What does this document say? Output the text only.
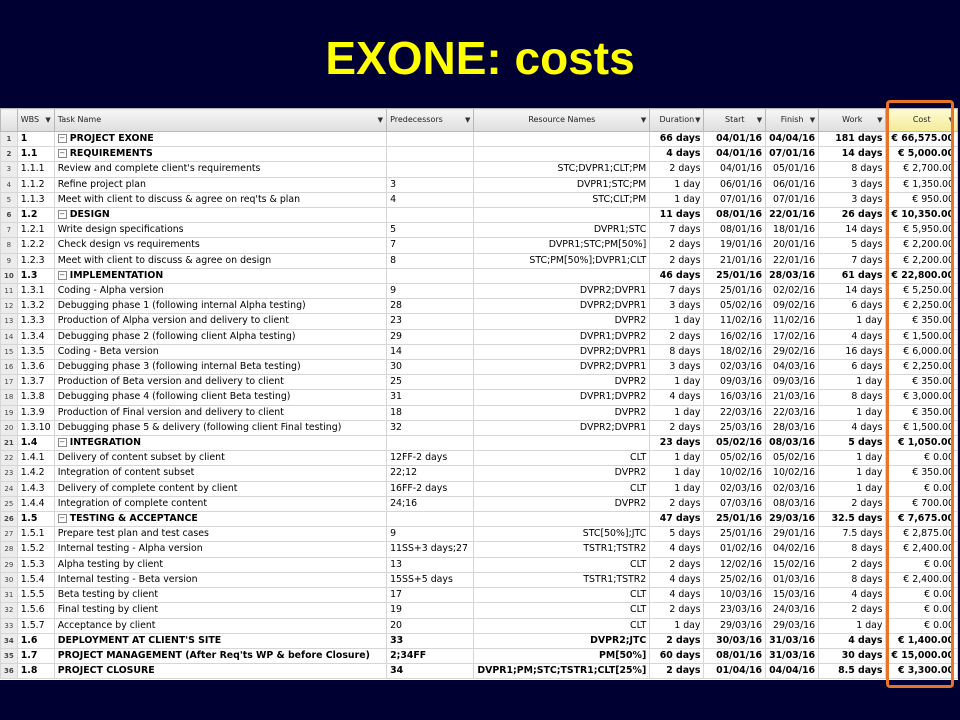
EXONE: costs
	WBS ▼	Task Name ▼	Predecessors ▼	Resource Names ▼	Duration ▼	Start ▼	Finish ▼	Work ▼	Cost ▼

1	1	− PROJECT EXONE			66 days	04/01/16	04/04/16	181 days	€ 66,575.00
2	1.1	− REQUIREMENTS			4 days	04/01/16	07/01/16	14 days	€ 5,000.00
3	1.1.1	Review and complete client's requirements		STC;DVPR1;CLT;PM	2 days	04/01/16	05/01/16	8 days	€ 2,700.00
4	1.1.2	Refine project plan	3	DVPR1;STC;PM	1 day	06/01/16	06/01/16	3 days	€ 1,350.00
5	1.1.3	Meet with client to discuss & agree on req'ts & plan	4	STC;CLT;PM	1 day	07/01/16	07/01/16	3 days	€ 950.00
6	1.2	− DESIGN			11 days	08/01/16	22/01/16	26 days	€ 10,350.00
7	1.2.1	Write design specifications	5	DVPR1;STC	7 days	08/01/16	18/01/16	14 days	€ 5,950.00
8	1.2.2	Check design vs requirements	7	DVPR1;STC;PM[50%]	2 days	19/01/16	20/01/16	5 days	€ 2,200.00
9	1.2.3	Meet with client to discuss & agree on design	8	STC;PM[50%];DVPR1;CLT	2 days	21/01/16	22/01/16	7 days	€ 2,200.00
10	1.3	− IMPLEMENTATION			46 days	25/01/16	28/03/16	61 days	€ 22,800.00
11	1.3.1	Coding - Alpha version	9	DVPR2;DVPR1	7 days	25/01/16	02/02/16	14 days	€ 5,250.00
12	1.3.2	Debugging phase 1 (following internal Alpha testing)	28	DVPR2;DVPR1	3 days	05/02/16	09/02/16	6 days	€ 2,250.00
13	1.3.3	Production of Alpha version and delivery to client	23	DVPR2	1 day	11/02/16	11/02/16	1 day	€ 350.00
14	1.3.4	Debugging phase 2 (following client Alpha testing)	29	DVPR1;DVPR2	2 days	16/02/16	17/02/16	4 days	€ 1,500.00
15	1.3.5	Coding - Beta version	14	DVPR2;DVPR1	8 days	18/02/16	29/02/16	16 days	€ 6,000.00
16	1.3.6	Debugging phase 3 (following internal Beta testing)	30	DVPR2;DVPR1	3 days	02/03/16	04/03/16	6 days	€ 2,250.00
17	1.3.7	Production of Beta version and delivery to client	25	DVPR2	1 day	09/03/16	09/03/16	1 day	€ 350.00
18	1.3.8	Debugging phase 4 (following client Beta testing)	31	DVPR1;DVPR2	4 days	16/03/16	21/03/16	8 days	€ 3,000.00
19	1.3.9	Production of Final version and delivery to client	18	DVPR2	1 day	22/03/16	22/03/16	1 day	€ 350.00
20	1.3.10	Debugging phase 5 & delivery (following client Final testing)	32	DVPR2;DVPR1	2 days	25/03/16	28/03/16	4 days	€ 1,500.00
21	1.4	− INTEGRATION			23 days	05/02/16	08/03/16	5 days	€ 1,050.00
22	1.4.1	Delivery of content subset by client	12FF-2 days	CLT	1 day	05/02/16	05/02/16	1 day	€ 0.00
23	1.4.2	Integration of content subset	22;12	DVPR2	1 day	10/02/16	10/02/16	1 day	€ 350.00
24	1.4.3	Delivery of complete content by client	16FF-2 days	CLT	1 day	02/03/16	02/03/16	1 day	€ 0.00
25	1.4.4	Integration of complete content	24;16	DVPR2	2 days	07/03/16	08/03/16	2 days	€ 700.00
26	1.5	− TESTING & ACCEPTANCE			47 days	25/01/16	29/03/16	32.5 days	€ 7,675.00
27	1.5.1	Prepare test plan and test cases	9	STC[50%];JTC	5 days	25/01/16	29/01/16	7.5 days	€ 2,875.00
28	1.5.2	Internal testing - Alpha version	11SS+3 days;27	TSTR1;TSTR2	4 days	01/02/16	04/02/16	8 days	€ 2,400.00
29	1.5.3	Alpha testing by client	13	CLT	2 days	12/02/16	15/02/16	2 days	€ 0.00
30	1.5.4	Internal testing - Beta version	15SS+5 days	TSTR1;TSTR2	4 days	25/02/16	01/03/16	8 days	€ 2,400.00
31	1.5.5	Beta testing by client	17	CLT	4 days	10/03/16	15/03/16	4 days	€ 0.00
32	1.5.6	Final testing by client	19	CLT	2 days	23/03/16	24/03/16	2 days	€ 0.00
33	1.5.7	Acceptance by client	20	CLT	1 day	29/03/16	29/03/16	1 day	€ 0.00
34	1.6	DEPLOYMENT AT CLIENT'S SITE	33	DVPR2;JTC	2 days	30/03/16	31/03/16	4 days	€ 1,400.00
35	1.7	PROJECT MANAGEMENT (After Req'ts WP & before Closure)	2;34FF	PM[50%]	60 days	08/01/16	31/03/16	30 days	€ 15,000.00
36	1.8	PROJECT CLOSURE	34	DVPR1;PM;STC;TSTR1;CLT[25%]	2 days	01/04/16	04/04/16	8.5 days	€ 3,300.00
